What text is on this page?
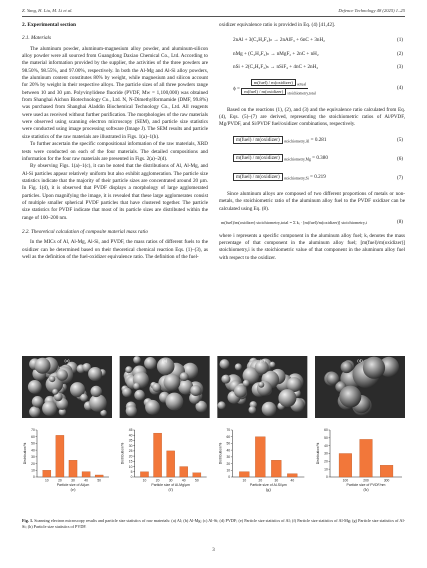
Z. Yang, H. Liu, M. Li et al.	Defence Technology 48 (2025) 1–25
2. Experimental section
2.1. Materials

The aluminum powder, aluminum-magnesium alloy powder, and aluminum-silicon alloy powder were all sourced from Guangdong Daxiao Chemical Co., Ltd. According to the material information provided by the supplier, the activities of the three powders are 98.50%, 98.55%, and 97.00%, respectively. In both the Al-Mg and Al-Si alloy powders, the aluminum content constitutes 80% by weight, while magnesium and silicon account for 20% by weight in their respective alloys. The particle sizes of all three powders range between 10 and 30 µm. Polyvinylidene fluoride (PVDF, Mw = 1,100,000) was obtained from Shanghai Aichun Biotechnology Co., Ltd. N, N-Dimethylformamide (DMF, 99.8%) was purchased from Shanghai Aladdin Biochemical Technology Co., Ltd. All reagents were used as received without further purification. The morphologies of the raw materials were observed using scanning electron microscopy (SEM), and particle size statistics were conducted using image processing software (Image J). The SEM results and particle size statistics of the raw materials are illustrated in Figs. 1(a)–1(h).

To further ascertain the specific compositional information of the raw materials, XRD tests were conducted on each of the four materials. The detailed compositions and information for the four raw materials are presented in Figs. 2(a)–2(d).

By observing Figs. 1(a)–1(c), it can be noted that the distributions of Al, Al-Mg, and Al-Si particles appear relatively uniform but also exhibit agglomeration. The particle size statistics indicate that the majority of their particle sizes are concentrated around 20 µm. In Fig. 1(d), it is observed that PVDF displays a morphology of large agglomerated particles. Upon magnifying the image, it is revealed that these large agglomerates consist of multiple smaller spherical PVDF particles that have clustered together. The particle size statistics for PVDF indicate that most of its particle sizes are distributed within the range of 100–200 nm.

2.2. Theoretical calculation of composite material mass ratio

In the MICs of Al, Al-Mg, Al-Si, and PVDF, the mass ratios of different fuels to the oxidizer can be determined based on their theoretical chemical reaction Eqs. (1)–(3), as well as the definition of the fuel-oxidizer equivalence ratio. The definition of the fuel-

oxidizer equivalence ratio is provided in Eq. (4) [41,42].

2nAl + 3(C₂H₂F₂)ₙ → 2nAlF₃ + 6nC + 3nH₂	(1)
nMg + (C₂H₂F₂)ₙ → nMgF₂ + 2nC + nH₂	(2)
nSi + 2(C₂H₂F₂)ₙ → nSiF₄ + 4nC + 2nH₂	(3)
$\phi = \frac{m(fuel) / m(oxidizer) _{actual}}{m(fuel) / m(oxidizer) _{stoichiometry,total}}$	(4)

Based on the reactions (1), (2), and (3) and the equivalence ratio calculated from Eq. (4), Eqs. (5)–(7) are derived, representing the stoichiometric ratios of Al/PVDF, Mg/PVDF, and Si/PVDF fuel/oxidizer combinations, respectively.

m(fuel) / m(oxidizer) $_{stoichiometry,Al}$ = 0.281	(5)
m(fuel) / m(oxidizer) $_{stoichiometry,Mg}$ = 0.380	(6)
m(fuel) / m(oxidizer) $_{stoichiometry,Si}$ = 0.219	(7)

Since aluminum alloys are composed of two different proportions of metals or non-metals, the stoichiometric ratio of the aluminum alloy fuel to the PVDF oxidizer can be calculated using Eq. (8).

m(fuel)/m(oxidizer) stoichiometry,total = Σ kᵢ · [m(fuel)/m(oxidizer)] stoichiometry,i	(8)

where i represents a specific component in the aluminum alloy fuel; kᵢ denotes the mass percentage of that component in the aluminum alloy fuel; [m(fuel)/m(oxidizer)] stoichiometry,i is the stoichiometric value of that component in the aluminum alloy fuel with respect to the oxidizer.

(a)	(b)	(c)	(d)
0
10
20
30
40
50
60
70
10	20	30	40	50
Particle size of Al/µm
Distribution/%
(e)
0
5
10
15
20
25
30
35
40
45
10	20	30	40	50
Particle size of Al-Mg/µm
Distribution/%
(f)
0
10
20
30
40
50
60
70
10	20	30	40
Particle size of Al-Si/µm
Distribution/%
(g)
0
10
20
30
40
50
60
100	200	300
Particle size of PVDF/nm
Distribution/%
(h)
Fig. 1. Scanning electron microscopy results and particle size statistics of raw materials: (a) Al; (b) Al-Mg; (c) Al-Si; (d) PVDF; (e) Particle size statistics of Al; (f) Particle size statistics of Al-Mg; (g) Particle size statistics of Al-Si; (h) Particle size statistics of PVDF.
3
